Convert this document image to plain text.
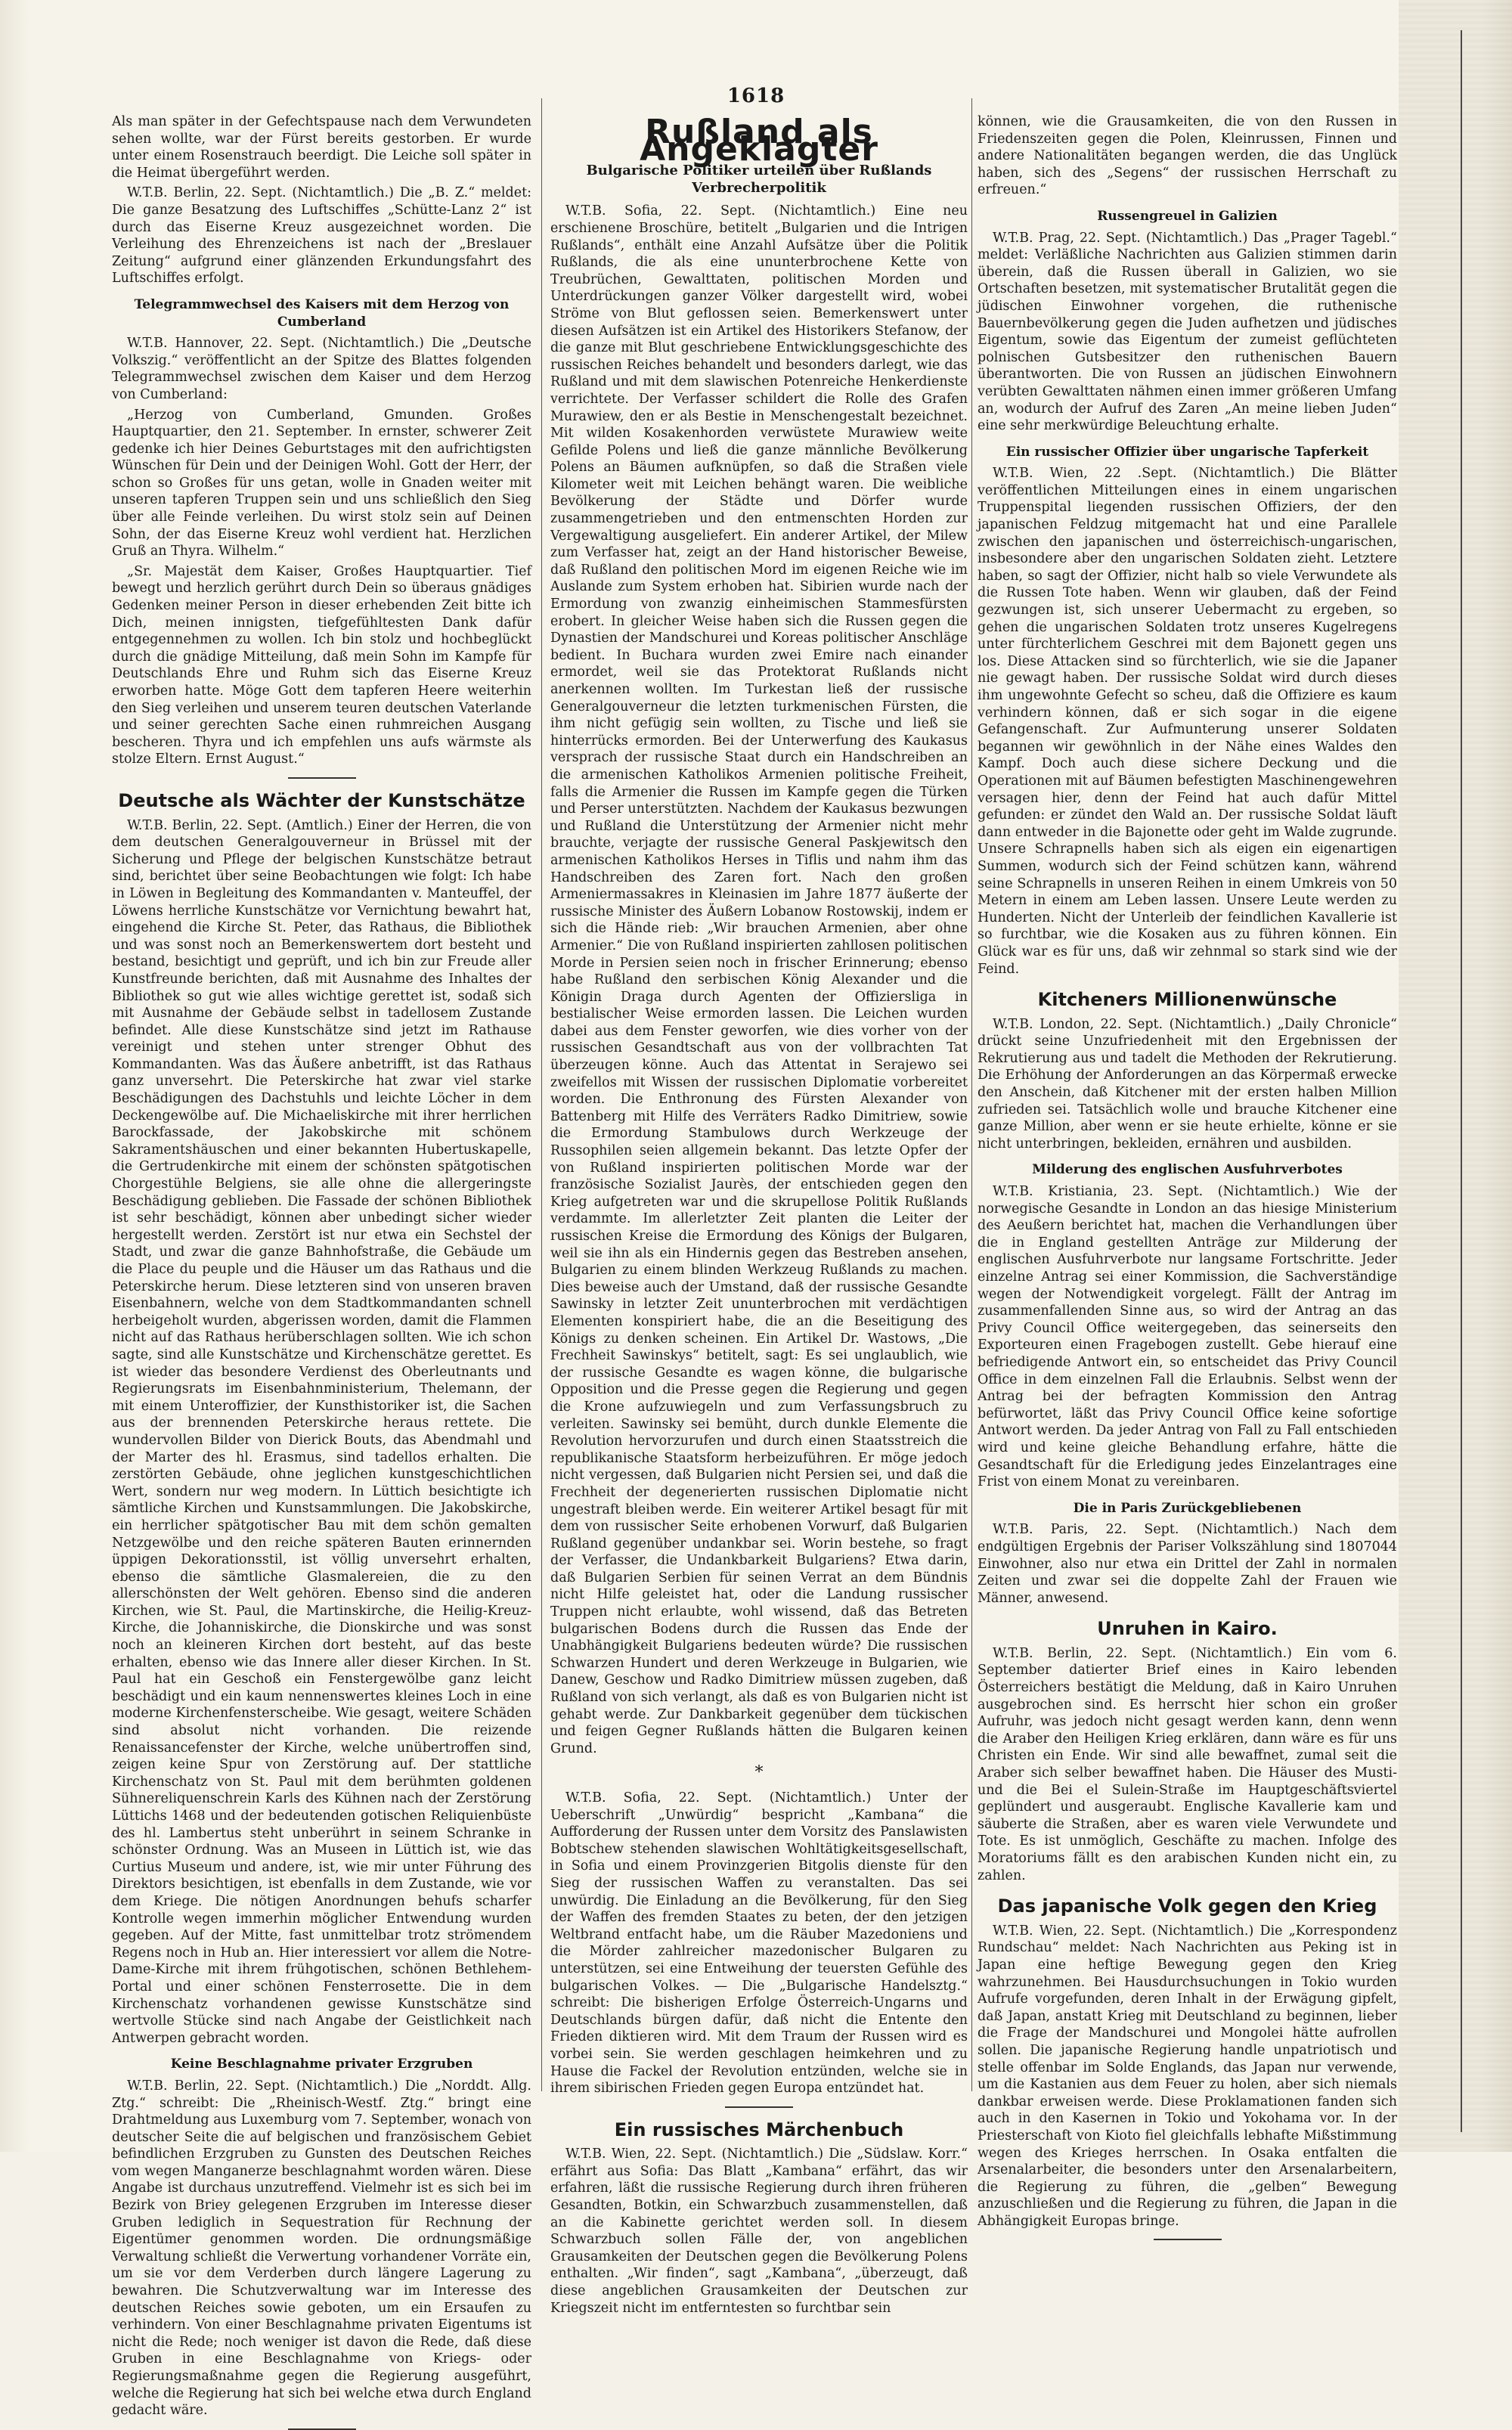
1618

Als man später in der Gefechtspause nach dem Verwundeten sehen wollte, war der Fürst bereits gestorben. Er wurde unter einem Rosenstrauch beerdigt. Die Leiche soll später in die Heimat übergeführt werden.

W.T.B. Berlin, 22. Sept. (Nichtamtlich.) Die „B. Z.“ meldet: Die ganze Besatzung des Luftschiffes „Schütte-Lanz 2“ ist durch das Eiserne Kreuz ausgezeichnet worden. Die Verleihung des Ehrenzeichens ist nach der „Breslauer Zeitung“ aufgrund einer glänzenden Erkundungsfahrt des Luftschiffes erfolgt.

Telegrammwechsel des Kaisers mit dem Herzog von Cumberland

W.T.B. Hannover, 22. Sept. (Nichtamtlich.) Die „Deutsche Volkszig.“ veröffentlicht an der Spitze des Blattes folgenden Telegrammwechsel zwischen dem Kaiser und dem Herzog von Cumberland:

„Herzog von Cumberland, Gmunden. Großes Hauptquartier, den 21. September. In ernster, schwerer Zeit gedenke ich hier Deines Geburtstages mit den aufrichtigsten Wünschen für Dein und der Deinigen Wohl. Gott der Herr, der schon so Großes für uns getan, wolle in Gnaden weiter mit unseren tapferen Truppen sein und uns schließlich den Sieg über alle Feinde verleihen. Du wirst stolz sein auf Deinen Sohn, der das Eiserne Kreuz wohl verdient hat. Herzlichen Gruß an Thyra. Wilhelm.“

„Sr. Majestät dem Kaiser, Großes Hauptquartier. Tief bewegt und herzlich gerührt durch Dein so überaus gnädiges Gedenken meiner Person in dieser erhebenden Zeit bitte ich Dich, meinen innigsten, tiefgefühltesten Dank dafür entgegennehmen zu wollen. Ich bin stolz und hochbeglückt durch die gnädige Mitteilung, daß mein Sohn im Kampfe für Deutschlands Ehre und Ruhm sich das Eiserne Kreuz erworben hatte. Möge Gott dem tapferen Heere weiterhin den Sieg verleihen und unserem teuren deutschen Vaterlande und seiner gerechten Sache einen ruhmreichen Ausgang bescheren. Thyra und ich empfehlen uns aufs wärmste als stolze Eltern. Ernst August.“

Deutsche als Wächter der Kunstschätze

W.T.B. Berlin, 22. Sept. (Amtlich.) Einer der Herren, die von dem deutschen Generalgouverneur in Brüssel mit der Sicherung und Pflege der belgischen Kunstschätze betraut sind, berichtet über seine Beobachtungen wie folgt: Ich habe in Löwen in Begleitung des Kommandanten v. Manteuffel, der Löwens herrliche Kunstschätze vor Vernichtung bewahrt hat, eingehend die Kirche St. Peter, das Rathaus, die Bibliothek und was sonst noch an Bemerkenswertem dort besteht und bestand, besichtigt und geprüft, und ich bin zur Freude aller Kunstfreunde berichten, daß mit Ausnahme des Inhaltes der Bibliothek so gut wie alles wichtige gerettet ist, sodaß sich mit Ausnahme der Gebäude selbst in tadellosem Zustande befindet. Alle diese Kunstschätze sind jetzt im Rathause vereinigt und stehen unter strenger Obhut des Kommandanten. Was das Äußere anbetrifft, ist das Rathaus ganz unversehrt. Die Peterskirche hat zwar viel starke Beschädigungen des Dachstuhls und leichte Löcher in dem Deckengewölbe auf. Die Michaeliskirche mit ihrer herrlichen Barockfassade, der Jakobskirche mit schönem Sakramentshäuschen und einer bekannten Hubertuskapelle, die Gertrudenkirche mit einem der schönsten spätgotischen Chorgestühle Belgiens, sie alle ohne die allergeringste Beschädigung geblieben. Die Fassade der schönen Bibliothek ist sehr beschädigt, können aber unbedingt sicher wieder hergestellt werden. Zerstört ist nur etwa ein Sechstel der Stadt, und zwar die ganze Bahnhofstraße, die Gebäude um die Place du peuple und die Häuser um das Rathaus und die Peterskirche herum. Diese letzteren sind von unseren braven Eisenbahnern, welche von dem Stadtkommandanten schnell herbeigeholt wurden, abgerissen worden, damit die Flammen nicht auf das Rathaus herüberschlagen sollten. Wie ich schon sagte, sind alle Kunstschätze und Kirchenschätze gerettet. Es ist wieder das besondere Verdienst des Oberleutnants und Regierungsrats im Eisenbahnministerium, Thelemann, der mit einem Unteroffizier, der Kunsthistoriker ist, die Sachen aus der brennenden Peterskirche heraus rettete. Die wundervollen Bilder von Dierick Bouts, das Abendmahl und der Marter des hl. Erasmus, sind tadellos erhalten. Die zerstörten Gebäude, ohne jeglichen kunstgeschichtlichen Wert, sondern nur weg modern. In Lüttich besichtigte ich sämtliche Kirchen und Kunstsammlungen. Die Jakobskirche, ein herrlicher spätgotischer Bau mit dem schön gemalten Netzgewölbe und den reiche späteren Bauten erinnernden üppigen Dekorationsstil, ist völlig unversehrt erhalten, ebenso die sämtliche Glasmalereien, die zu den allerschönsten der Welt gehören. Ebenso sind die anderen Kirchen, wie St. Paul, die Martinskirche, die Heilig-Kreuz-Kirche, die Johanniskirche, die Dionskirche und was sonst noch an kleineren Kirchen dort besteht, auf das beste erhalten, ebenso wie das Innere aller dieser Kirchen. In St. Paul hat ein Geschoß ein Fenstergewölbe ganz leicht beschädigt und ein kaum nennenswertes kleines Loch in eine moderne Kirchenfensterscheibe. Wie gesagt, weitere Schäden sind absolut nicht vorhanden. Die reizende Renaissancefenster der Kirche, welche unübertroffen sind, zeigen keine Spur von Zerstörung auf. Der stattliche Kirchenschatz von St. Paul mit dem berühmten goldenen Sühnereliquenschrein Karls des Kühnen nach der Zerstörung Lüttichs 1468 und der bedeutenden gotischen Reliquienbüste des hl. Lambertus steht unberührt in seinem Schranke in schönster Ordnung. Was an Museen in Lüttich ist, wie das Curtius Museum und andere, ist, wie mir unter Führung des Direktors besichtigen, ist ebenfalls in dem Zustande, wie vor dem Kriege. Die nötigen Anordnungen behufs scharfer Kontrolle wegen immerhin möglicher Entwendung wurden gegeben. Auf der Mitte, fast unmittelbar trotz strömendem Regens noch in Hub an. Hier interessiert vor allem die Notre-Dame-Kirche mit ihrem frühgotischen, schönen Bethlehem-Portal und einer schönen Fensterrosette. Die in dem Kirchenschatz vorhandenen gewisse Kunstschätze sind wertvolle Stücke sind nach Angabe der Geistlichkeit nach Antwerpen gebracht worden.

Keine Beschlagnahme privater Erzgruben

W.T.B. Berlin, 22. Sept. (Nichtamtlich.) Die „Norddt. Allg. Ztg.“ schreibt: Die „Rheinisch-Westf. Ztg.“ bringt eine Drahtmeldung aus Luxemburg vom 7. September, wonach von deutscher Seite die auf belgischen und französischem Gebiet befindlichen Erzgruben zu Gunsten des Deutschen Reiches vom wegen Manganerze beschlagnahmt worden wären. Diese Angabe ist durchaus unzutreffend. Vielmehr ist es sich bei im Bezirk von Briey gelegenen Erzgruben im Interesse dieser Gruben lediglich in Sequestration für Rechnung der Eigentümer genommen worden. Die ordnungsmäßige Verwaltung schließt die Verwertung vorhandener Vorräte ein, um sie vor dem Verderben durch längere Lagerung zu bewahren. Die Schutzverwaltung war im Interesse des deutschen Reiches sowie geboten, um ein Ersaufen zu verhindern. Von einer Beschlagnahme privaten Eigentums ist nicht die Rede; noch weniger ist davon die Rede, daß diese Gruben in eine Beschlagnahme von Kriegs- oder Regierungsmaßnahme gegen die Regierung ausgeführt, welche die Regierung hat sich bei welche etwa durch England gedacht wäre.

Rußland als Angeklagter
Bulgarische Politiker urteilen über Rußlands Verbrecherpolitik

W.T.B. Sofia, 22. Sept. (Nichtamtlich.) Eine neu erschienene Broschüre, betitelt „Bulgarien und die Intrigen Rußlands“, enthält eine Anzahl Aufsätze über die Politik Rußlands, die als eine ununterbrochene Kette von Treubrüchen, Gewalttaten, politischen Morden und Unterdrückungen ganzer Völker dargestellt wird, wobei Ströme von Blut geflossen seien. Bemerkenswert unter diesen Aufsätzen ist ein Artikel des Historikers Stefanow, der die ganze mit Blut geschriebene Entwicklungsgeschichte des russischen Reiches behandelt und besonders darlegt, wie das Rußland und mit dem slawischen Potenreiche Henkerdienste verrichtete. Der Verfasser schildert die Rolle des Grafen Murawiew, den er als Bestie in Menschengestalt bezeichnet. Mit wilden Kosakenhorden verwüstete Murawiew weite Gefilde Polens und ließ die ganze männliche Bevölkerung Polens an Bäumen aufknüpfen, so daß die Straßen viele Kilometer weit mit Leichen behängt waren. Die weibliche Bevölkerung der Städte und Dörfer wurde zusammengetrieben und den entmenschten Horden zur Vergewaltigung ausgeliefert. Ein anderer Artikel, der Milew zum Verfasser hat, zeigt an der Hand historischer Beweise, daß Rußland den politischen Mord im eigenen Reiche wie im Auslande zum System erhoben hat. Sibirien wurde nach der Ermordung von zwanzig einheimischen Stammesfürsten erobert. In gleicher Weise haben sich die Russen gegen die Dynastien der Mandschurei und Koreas politischer Anschläge bedient. In Buchara wurden zwei Emire nach einander ermordet, weil sie das Protektorat Rußlands nicht anerkennen wollten. Im Turkestan ließ der russische Generalgouverneur die letzten turkmenischen Fürsten, die ihm nicht gefügig sein wollten, zu Tische und ließ sie hinterrücks ermorden. Bei der Unterwerfung des Kaukasus versprach der russische Staat durch ein Handschreiben an die armenischen Katholikos Armenien politische Freiheit, falls die Armenier die Russen im Kampfe gegen die Türken und Perser unterstützten. Nachdem der Kaukasus bezwungen und Rußland die Unterstützung der Armenier nicht mehr brauchte, verjagte der russische General Paskjewitsch den armenischen Katholikos Herses in Tiflis und nahm ihm das Handschreiben des Zaren fort. Nach den großen Armeniermassakres in Kleinasien im Jahre 1877 äußerte der russische Minister des Äußern Lobanow Rostowskij, indem er sich die Hände rieb: „Wir brauchen Armenien, aber ohne Armenier.“ Die von Rußland inspirierten zahllosen politischen Morde in Persien seien noch in frischer Erinnerung; ebenso habe Rußland den serbischen König Alexander und die Königin Draga durch Agenten der Offiziersliga in bestialischer Weise ermorden lassen. Die Leichen wurden dabei aus dem Fenster geworfen, wie dies vorher von der russischen Gesandtschaft aus von der vollbrachten Tat überzeugen könne. Auch das Attentat in Serajewo sei zweifellos mit Wissen der russischen Diplomatie vorbereitet worden. Die Enthronung des Fürsten Alexander von Battenberg mit Hilfe des Verräters Radko Dimitriew, sowie die Ermordung Stambulows durch Werkzeuge der Russophilen seien allgemein bekannt. Das letzte Opfer der von Rußland inspirierten politischen Morde war der französische Sozialist Jaurès, der entschieden gegen den Krieg aufgetreten war und die skrupellose Politik Rußlands verdammte. Im allerletzter Zeit planten die Leiter der russischen Kreise die Ermordung des Königs der Bulgaren, weil sie ihn als ein Hindernis gegen das Bestreben ansehen, Bulgarien zu einem blinden Werkzeug Rußlands zu machen. Dies beweise auch der Umstand, daß der russische Gesandte Sawinsky in letzter Zeit ununterbrochen mit verdächtigen Elementen konspiriert habe, die an die Beseitigung des Königs zu denken scheinen. Ein Artikel Dr. Wastows, „Die Frechheit Sawinskys“ betitelt, sagt: Es sei unglaublich, wie der russische Gesandte es wagen könne, die bulgarische Opposition und die Presse gegen die Regierung und gegen die Krone aufzuwiegeln und zum Verfassungsbruch zu verleiten. Sawinsky sei bemüht, durch dunkle Elemente die Revolution hervorzurufen und durch einen Staatsstreich die republikanische Staatsform herbeizuführen. Er möge jedoch nicht vergessen, daß Bulgarien nicht Persien sei, und daß die Frechheit der degenerierten russischen Diplomatie nicht ungestraft bleiben werde. Ein weiterer Artikel besagt für mit dem von russischer Seite erhobenen Vorwurf, daß Bulgarien Rußland gegenüber undankbar sei. Worin bestehe, so fragt der Verfasser, die Undankbarkeit Bulgariens? Etwa darin, daß Bulgarien Serbien für seinen Verrat an dem Bündnis nicht Hilfe geleistet hat, oder die Landung russischer Truppen nicht erlaubte, wohl wissend, daß das Betreten bulgarischen Bodens durch die Russen das Ende der Unabhängigkeit Bulgariens bedeuten würde? Die russischen Schwarzen Hundert und deren Werkzeuge in Bulgarien, wie Danew, Geschow und Radko Dimitriew müssen zugeben, daß Rußland von sich verlangt, als daß es von Bulgarien nicht ist gehabt werde. Zur Dankbarkeit gegenüber dem tückischen und feigen Gegner Rußlands hätten die Bulgaren keinen Grund.

*

W.T.B. Sofia, 22. Sept. (Nichtamtlich.) Unter der Ueberschrift „Unwürdig“ bespricht „Kambana“ die Aufforderung der Russen unter dem Vorsitz des Panslawisten Bobtschew stehenden slawischen Wohltätigkeitsgesellschaft, in Sofia und einem Provinzgerien Bitgolis dienste für den Sieg der russischen Waffen zu veranstalten. Das sei unwürdig. Die Einladung an die Bevölkerung, für den Sieg der Waffen des fremden Staates zu beten, der den jetzigen Weltbrand entfacht habe, um die Räuber Mazedoniens und die Mörder zahlreicher mazedonischer Bulgaren zu unterstützen, sei eine Entweihung der teuersten Gefühle des bulgarischen Volkes. — Die „Bulgarische Handelsztg.“ schreibt: Die bisherigen Erfolge Österreich-Ungarns und Deutschlands bürgen dafür, daß nicht die Entente den Frieden diktieren wird. Mit dem Traum der Russen wird es vorbei sein. Sie werden geschlagen heimkehren und zu Hause die Fackel der Revolution entzünden, welche sie in ihrem sibirischen Frieden gegen Europa entzündet hat.

Ein russisches Märchenbuch

W.T.B. Wien, 22. Sept. (Nichtamtlich.) Die „Südslaw. Korr.“ erfährt aus Sofia: Das Blatt „Kambana“ erfährt, das wir erfahren, läßt die russische Regierung durch ihren früheren Gesandten, Botkin, ein Schwarzbuch zusammenstellen, daß an die Kabinette gerichtet werden soll. In diesem Schwarzbuch sollen Fälle der, von angeblichen Grausamkeiten der Deutschen gegen die Bevölkerung Polens enthalten. „Wir finden“, sagt „Kambana“, „überzeugt, daß diese angeblichen Grausamkeiten der Deutschen zur Kriegszeit nicht im entferntesten so furchtbar sein

können, wie die Grausamkeiten, die von den Russen in Friedenszeiten gegen die Polen, Kleinrussen, Finnen und andere Nationalitäten begangen werden, die das Unglück haben, sich des „Segens“ der russischen Herrschaft zu erfreuen.“

Russengreuel in Galizien

W.T.B. Prag, 22. Sept. (Nichtamtlich.) Das „Prager Tagebl.“ meldet: Verläßliche Nachrichten aus Galizien stimmen darin überein, daß die Russen überall in Galizien, wo sie Ortschaften besetzen, mit systematischer Brutalität gegen die jüdischen Einwohner vorgehen, die ruthenische Bauernbevölkerung gegen die Juden aufhetzen und jüdisches Eigentum, sowie das Eigentum der zumeist geflüchteten polnischen Gutsbesitzer den ruthenischen Bauern überantworten. Die von Russen an jüdischen Einwohnern verübten Gewalttaten nähmen einen immer größeren Umfang an, wodurch der Aufruf des Zaren „An meine lieben Juden“ eine sehr merkwürdige Beleuchtung erhalte.

Ein russischer Offizier über ungarische Tapferkeit

W.T.B. Wien, 22 .Sept. (Nichtamtlich.) Die Blätter veröffentlichen Mitteilungen eines in einem ungarischen Truppenspital liegenden russischen Offiziers, der den japanischen Feldzug mitgemacht hat und eine Parallele zwischen den japanischen und österreichisch-ungarischen, insbesondere aber den ungarischen Soldaten zieht. Letztere haben, so sagt der Offizier, nicht halb so viele Verwundete als die Russen Tote haben. Wenn wir glauben, daß der Feind gezwungen ist, sich unserer Uebermacht zu ergeben, so gehen die ungarischen Soldaten trotz unseres Kugelregens unter fürchterlichem Geschrei mit dem Bajonett gegen uns los. Diese Attacken sind so fürchterlich, wie sie die Japaner nie gewagt haben. Der russische Soldat wird durch dieses ihm ungewohnte Gefecht so scheu, daß die Offiziere es kaum verhindern können, daß er sich sogar in die eigene Gefangenschaft. Zur Aufmunterung unserer Soldaten begannen wir gewöhnlich in der Nähe eines Waldes den Kampf. Doch auch diese sichere Deckung und die Operationen mit auf Bäumen befestigten Maschinengewehren versagen hier, denn der Feind hat auch dafür Mittel gefunden: er zündet den Wald an. Der russische Soldat läuft dann entweder in die Bajonette oder geht im Walde zugrunde. Unsere Schrapnells haben sich als eigen ein eigenartigen Summen, wodurch sich der Feind schützen kann, während seine Schrapnells in unseren Reihen in einem Umkreis von 50 Metern in einem am Leben lassen. Unsere Leute werden zu Hunderten. Nicht der Unterleib der feindlichen Kavallerie ist so furchtbar, wie die Kosaken aus zu führen können. Ein Glück war es für uns, daß wir zehnmal so stark sind wie der Feind.

Kitcheners Millionenwünsche

W.T.B. London, 22. Sept. (Nichtamtlich.) „Daily Chronicle“ drückt seine Unzufriedenheit mit den Ergebnissen der Rekrutierung aus und tadelt die Methoden der Rekrutierung. Die Erhöhung der Anforderungen an das Körpermaß erwecke den Anschein, daß Kitchener mit der ersten halben Million zufrieden sei. Tatsächlich wolle und brauche Kitchener eine ganze Million, aber wenn er sie heute erhielte, könne er sie nicht unterbringen, bekleiden, ernähren und ausbilden.

Milderung des englischen Ausfuhrverbotes

W.T.B. Kristiania, 23. Sept. (Nichtamtlich.) Wie der norwegische Gesandte in London an das hiesige Ministerium des Aeußern berichtet hat, machen die Verhandlungen über die in England gestellten Anträge zur Milderung der englischen Ausfuhrverbote nur langsame Fortschritte. Jeder einzelne Antrag sei einer Kommission, die Sachverständige wegen der Notwendigkeit vorgelegt. Fällt der Antrag im zusammenfallenden Sinne aus, so wird der Antrag an das Privy Council Office weitergegeben, das seinerseits den Exporteuren einen Fragebogen zustellt. Gebe hierauf eine befriedigende Antwort ein, so entscheidet das Privy Council Office in dem einzelnen Fall die Erlaubnis. Selbst wenn der Antrag bei der befragten Kommission den Antrag befürwortet, läßt das Privy Council Office keine sofortige Antwort werden. Da jeder Antrag von Fall zu Fall entschieden wird und keine gleiche Behandlung erfahre, hätte die Gesandtschaft für die Erledigung jedes Einzelantrages eine Frist von einem Monat zu vereinbaren.

Die in Paris Zurückgebliebenen

W.T.B. Paris, 22. Sept. (Nichtamtlich.) Nach dem endgültigen Ergebnis der Pariser Volkszählung sind 1807044 Einwohner, also nur etwa ein Drittel der Zahl in normalen Zeiten und zwar sei die doppelte Zahl der Frauen wie Männer, anwesend.

Unruhen in Kairo.

W.T.B. Berlin, 22. Sept. (Nichtamtlich.) Ein vom 6. September datierter Brief eines in Kairo lebenden Österreichers bestätigt die Meldung, daß in Kairo Unruhen ausgebrochen sind. Es herrscht hier schon ein großer Aufruhr, was jedoch nicht gesagt werden kann, denn wenn die Araber den Heiligen Krieg erklären, dann wäre es für uns Christen ein Ende. Wir sind alle bewaffnet, zumal seit die Araber sich selber bewaffnet haben. Die Häuser des Musti- und die Bei el Sulein-Straße im Hauptgeschäftsviertel geplündert und ausgeraubt. Englische Kavallerie kam und säuberte die Straßen, aber es waren viele Verwundete und Tote. Es ist unmöglich, Geschäfte zu machen. Infolge des Moratoriums fällt es den arabischen Kunden nicht ein, zu zahlen.

Das japanische Volk gegen den Krieg

W.T.B. Wien, 22. Sept. (Nichtamtlich.) Die „Korrespondenz Rundschau“ meldet: Nach Nachrichten aus Peking ist in Japan eine heftige Bewegung gegen den Krieg wahrzunehmen. Bei Hausdurchsuchungen in Tokio wurden Aufrufe vorgefunden, deren Inhalt in der Erwägung gipfelt, daß Japan, anstatt Krieg mit Deutschland zu beginnen, lieber die Frage der Mandschurei und Mongolei hätte aufrollen sollen. Die japanische Regierung handle unpatriotisch und stelle offenbar im Solde Englands, das Japan nur verwende, um die Kastanien aus dem Feuer zu holen, aber sich niemals dankbar erweisen werde. Diese Proklamationen fanden sich auch in den Kasernen in Tokio und Yokohama vor. In der Priesterschaft von Kioto fiel gleichfalls lebhafte Mißstimmung wegen des Krieges herrschen. In Osaka entfalten die Arsenalarbeiter, die besonders unter den Arsenalarbeitern, die Regierung zu führen, die „gelben“ Bewegung anzuschließen und die Regierung zu führen, die Japan in die Abhängigkeit Europas bringe.
